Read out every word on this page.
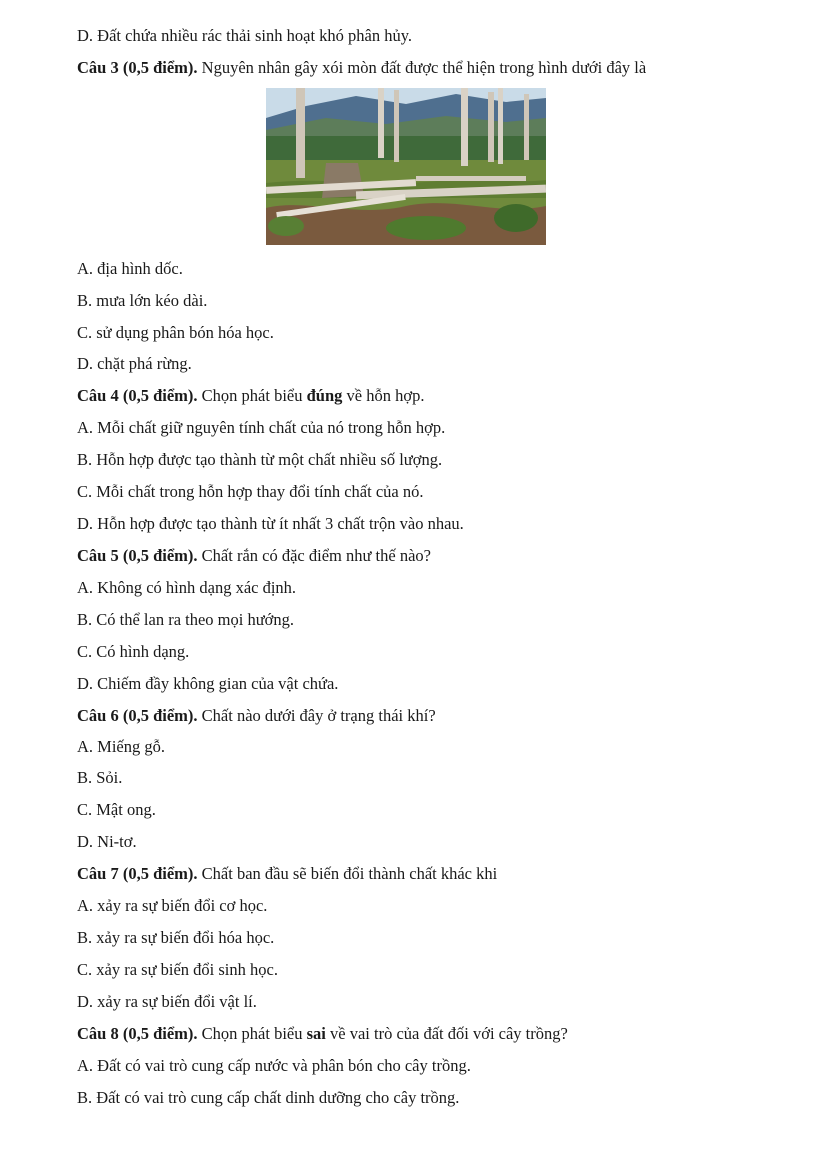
D. Đất chứa nhiều rác thải sinh hoạt khó phân hủy.
Câu 3 (0,5 điểm). Nguyên nhân gây xói mòn đất được thể hiện trong hình dưới đây là
A. địa hình dốc.
B. mưa lớn kéo dài.
C. sử dụng phân bón hóa học.
D. chặt phá rừng.
Câu 4 (0,5 điểm). Chọn phát biểu đúng về hỗn hợp.
A. Mỗi chất giữ nguyên tính chất của nó trong hỗn hợp.
B. Hỗn hợp được tạo thành từ một chất nhiều số lượng.
C. Mỗi chất trong hỗn hợp thay đổi tính chất của nó.
D. Hỗn hợp được tạo thành từ ít nhất 3 chất trộn vào nhau.
Câu 5 (0,5 điểm). Chất rắn có đặc điểm như thế nào?
A. Không có hình dạng xác định.
B. Có thể lan ra theo mọi hướng.
C. Có hình dạng.
D. Chiếm đầy không gian của vật chứa.
Câu 6 (0,5 điểm). Chất nào dưới đây ở trạng thái khí?
A. Miếng gỗ.
B. Sỏi.
C. Mật ong.
D. Ni-tơ.
Câu 7 (0,5 điểm). Chất ban đầu sẽ biến đổi thành chất khác khi
A. xảy ra sự biến đổi cơ học.
B. xảy ra sự biến đổi hóa học.
C. xảy ra sự biến đổi sinh học.
D. xảy ra sự biến đổi vật lí.
Câu 8 (0,5 điểm). Chọn phát biểu sai về vai trò của đất đối với cây trồng?
A. Đất có vai trò cung cấp nước và phân bón cho cây trồng.
B. Đất có vai trò cung cấp chất dinh dưỡng cho cây trồng.
